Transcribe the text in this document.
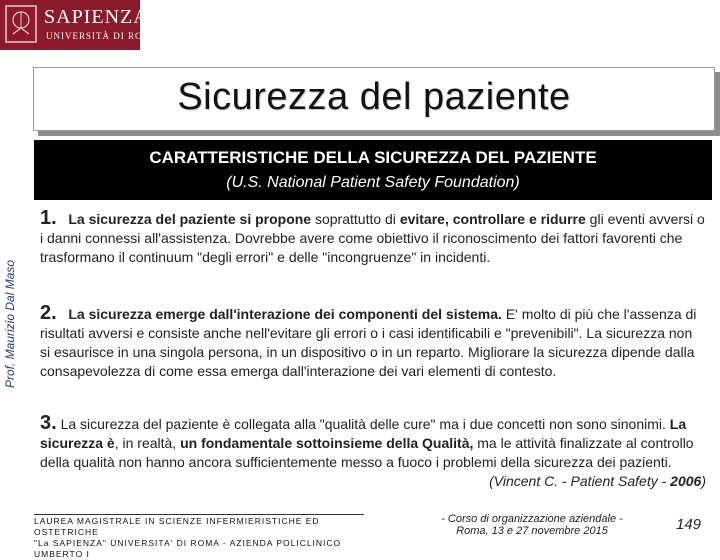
SAPIENZA
UNIVERSITÀ DI ROMA
Prof. Maurizio Dal Maso
Sicurezza del paziente
CARATTERISTICHE DELLA SICUREZZA DEL PAZIENTE
(U.S. National Patient Safety Foundation)
1. La sicurezza del paziente si propone soprattutto di evitare, controllare e ridurre gli eventi avversi o i danni connessi all'assistenza. Dovrebbe avere come obiettivo il riconoscimento dei fattori favorenti che trasformano il continuum "degli errori" e delle "incongruenze" in incidenti.
2. La sicurezza emerge dall'interazione dei componenti del sistema. E' molto di più che l'assenza di risultati avversi e consiste anche nell'evitare gli errori o i casi identificabili e "prevenibili". La sicurezza non si esaurisce in una singola persona, in un dispositivo o in un reparto. Migliorare la sicurezza dipende dalla consapevolezza di come essa emerga dall'interazione dei vari elementi di contesto.
3. La sicurezza del paziente è collegata alla "qualità delle cure" ma i due concetti non sono sinonimi. La sicurezza è, in realtà, un fondamentale sottoinsieme della Qualità, ma le attività finalizzate al controllo della qualità non hanno ancora sufficientemente messo a fuoco i problemi della sicurezza dei pazienti.
(Vincent C. - Patient Safety - 2006)
LAUREA MAGISTRALE IN SCIENZE INFERMIERISTICHE ED OSTETRICHE
"La SAPIENZA" UNIVERSITA' DI ROMA - AZIENDA POLICLINICO UMBERTO I
- Corso di organizzazione aziendale -
Roma, 13 e 27 novembre 2015	149
